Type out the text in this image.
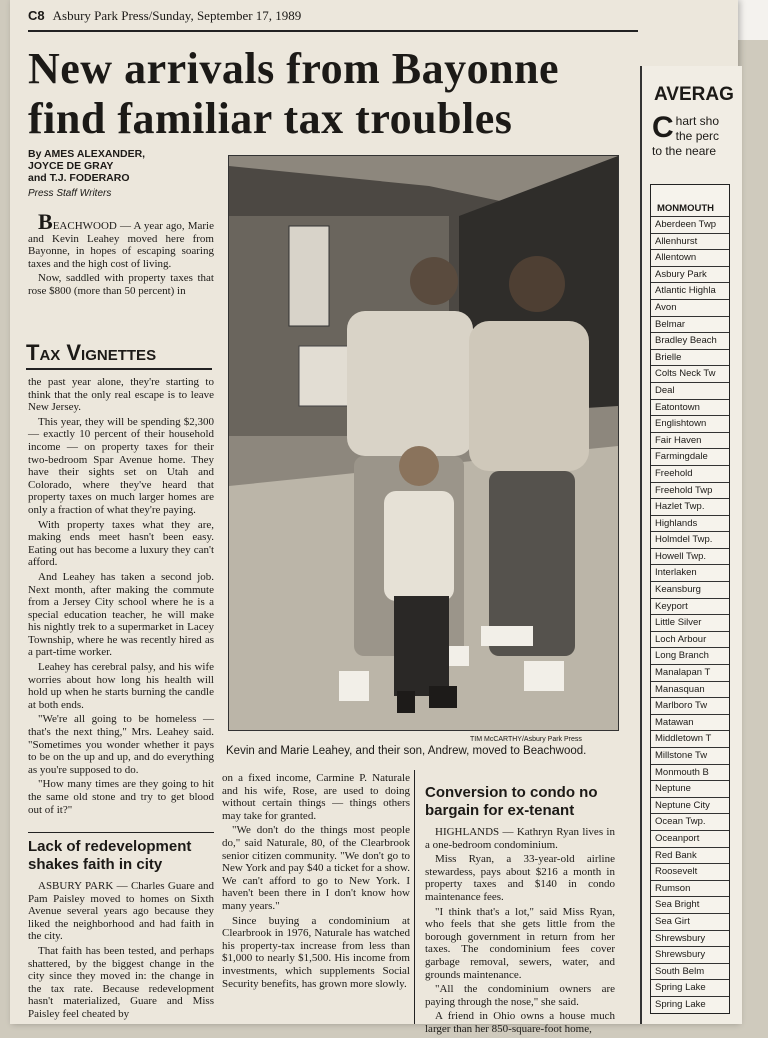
C8 Asbury Park Press/Sunday, September 17, 1989
New arrivals from Bayonne find familiar tax troubles
By AMES ALEXANDER,
JOYCE DE GRAY
and T.J. FODERARO
Press Staff Writers

BEACHWOOD — A year ago, Marie and Kevin Leahey moved here from Bayonne, in hopes of escaping soaring taxes and the high cost of living.

Now, saddled with property taxes that rose $800 (more than 50 percent) in

Tax Vignettes

the past year alone, they're starting to think that the only real escape is to leave New Jersey.

This year, they will be spending $2,300 — exactly 10 percent of their household income — on property taxes for their two-bedroom Spar Avenue home. They have their sights set on Utah and Colorado, where they've heard that property taxes on much larger homes are only a fraction of what they're paying.

With property taxes what they are, making ends meet hasn't been easy. Eating out has become a luxury they can't afford.

And Leahey has taken a second job. Next month, after making the commute from a Jersey City school where he is a special education teacher, he will make his nightly trek to a supermarket in Lacey Township, where he was recently hired as a part-time worker.

Leahey has cerebral palsy, and his wife worries about how long his health will hold up when he starts burning the candle at both ends.

"We're all going to be homeless — that's the next thing," Mrs. Leahey said. "Sometimes you wonder whether it pays to be on the up and up, and do everything as you're supposed to do.

"How many times are they going to hit the same old stone and try to get blood out of it?"

Lack of redevelopment shakes faith in city

ASBURY PARK — Charles Guare and Pam Paisley moved to homes on Sixth Avenue several years ago because they liked the neighborhood and had faith in the city.

That faith has been tested, and perhaps shattered, by the biggest change in the city since they moved in: the change in the tax rate. Because redevelopment hasn't materialized, Guare and Miss Paisley feel cheated by

TIM McCARTHY/Asbury Park Press
Kevin and Marie Leahey, and their son, Andrew, moved to Beachwood.

on a fixed income, Carmine P. Naturale and his wife, Rose, are used to doing without certain things — things others may take for granted.

"We don't do the things most people do," said Naturale, 80, of the Clearbrook senior citizen community. "We don't go to New York and pay $40 a ticket for a show. We can't afford to go to New York. I haven't been there in I don't know how many years."

Since buying a condominium at Clearbrook in 1976, Naturale has watched his property-tax increase from less than $1,000 to nearly $1,500. His income from investments, which supplements Social Security benefits, has grown more slowly.

Conversion to condo no bargain for ex-tenant

HIGHLANDS — Kathryn Ryan lives in a one-bedroom condominium.

Miss Ryan, a 33-year-old airline stewardess, pays about $216 a month in property taxes and $140 in condo maintenance fees.

"I think that's a lot," said Miss Ryan, who feels that she gets little from the borough government in return from her taxes. The condominium fees cover garbage removal, sewers, water, and grounds maintenance.

"All the condominium owners are paying through the nose," she said.

A friend in Ohio owns a house much larger than her 850-square-foot home,

AVERAG
C hart sho
the perc
to the neare
MONMOUTH
Aberdeen Twp
Allenhurst
Allentown
Asbury Park
Atlantic Highla
Avon
Belmar
Bradley Beach
Brielle
Colts Neck Tw
Deal
Eatontown
Englishtown
Fair Haven
Farmingdale
Freehold
Freehold Twp
Hazlet Twp.
Highlands
Holmdel Twp.
Howell Twp.
Interlaken
Keansburg
Keyport
Little Silver
Loch Arbour
Long Branch
Manalapan T
Manasquan
Marlboro Tw
Matawan
Middletown T
Millstone Tw
Monmouth B
Neptune
Neptune City
Ocean Twp.
Oceanport
Red Bank
Roosevelt
Rumson
Sea Bright
Sea Girt
Shrewsbury
Shrewsbury
South Belm
Spring Lake
Spring Lake
